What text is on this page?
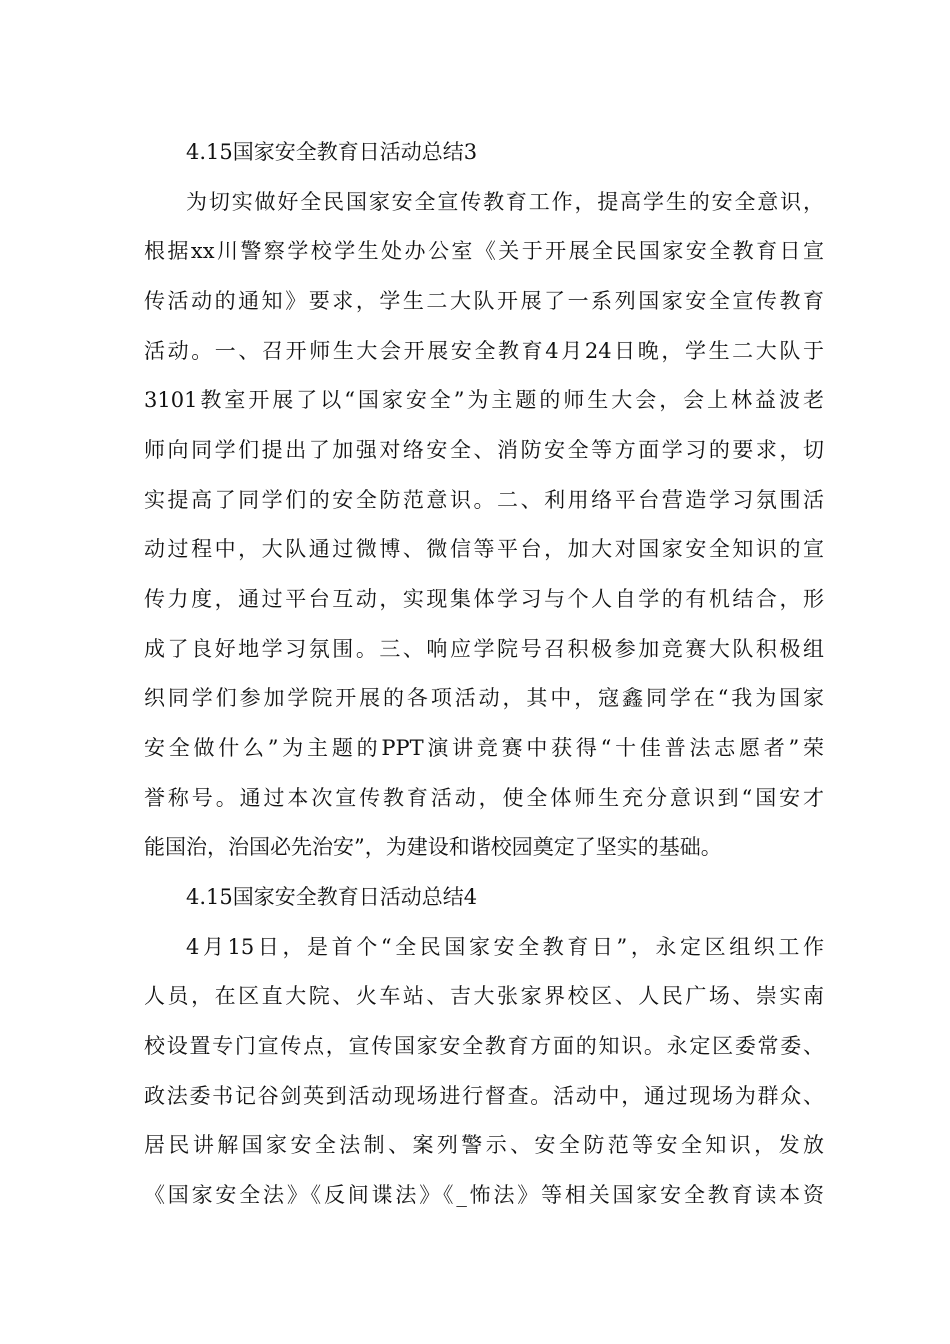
4.15国家安全教育日活动总结3
为切实做好全民国家安全宣传教育工作，提高学生的安全意识，
根据xx川警察学校学生处办公室《关于开展全民国家安全教育日宣
传活动的通知》要求，学生二大队开展了一系列国家安全宣传教育
活动。一、召开师生大会开展安全教育4月24日晚，学生二大队于
3101教室开展了以“国家安全”为主题的师生大会，会上林益波老
师向同学们提出了加强对络安全、消防安全等方面学习的要求，切
实提高了同学们的安全防范意识。二、利用络平台营造学习氛围活
动过程中，大队通过微博、微信等平台，加大对国家安全知识的宣
传力度，通过平台互动，实现集体学习与个人自学的有机结合，形
成了良好地学习氛围。三、响应学院号召积极参加竞赛大队积极组
织同学们参加学院开展的各项活动，其中，寇鑫同学在“我为国家
安全做什么”为主题的PPT演讲竞赛中获得“十佳普法志愿者”荣
誉称号。通过本次宣传教育活动，使全体师生充分意识到“国安才
能国治，治国必先治安”，为建设和谐校园奠定了坚实的基础。
4.15国家安全教育日活动总结4
4月15日，是首个“全民国家安全教育日”，永定区组织工作
人员，在区直大院、火车站、吉大张家界校区、人民广场、崇实南
校设置专门宣传点，宣传国家安全教育方面的知识。永定区委常委、
政法委书记谷剑英到活动现场进行督查。活动中，通过现场为群众、
居民讲解国家安全法制、案列警示、安全防范等安全知识，发放
《国家安全法》《反间谍法》《_怖法》等相关国家安全教育读本资
